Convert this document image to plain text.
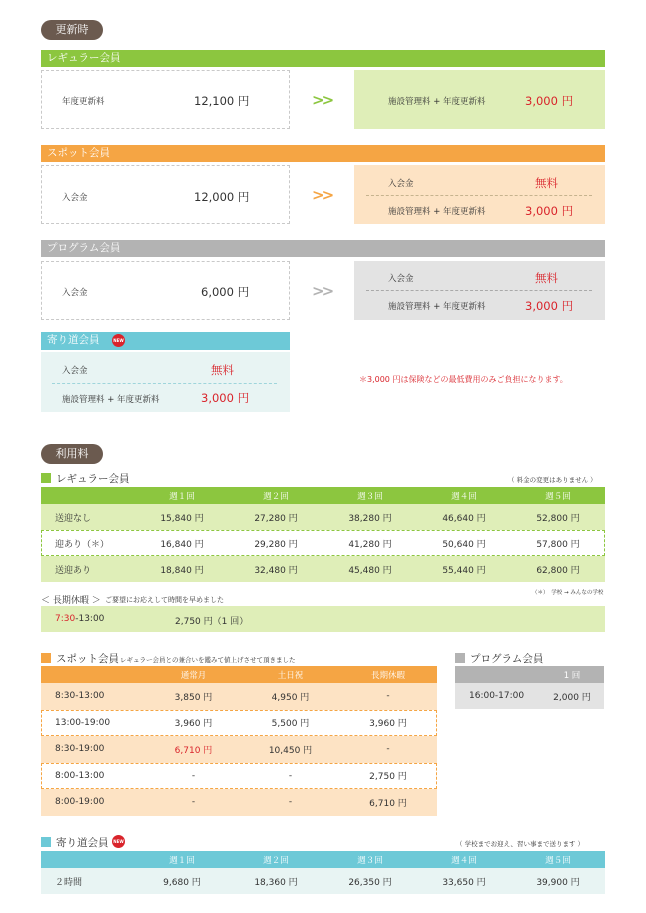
更新時
レギュラー会員
年度更新料	12,100 円	>>	施設管理料 + 年度更新料	3,000 円
スポット会員
入会金	12,000 円	>>
入会金	無料
施設管理料 + 年度更新料	3,000 円
プログラム会員
入会金	6,000 円	>>
入会金	無料
施設管理料 + 年度更新料	3,000 円
寄り道会員	NEW
入会金	無料
施設管理料 + 年度更新料	3,000 円
＊3,000 円は保険などの最低費用のみご負担になります。
利用料
レギュラー会員	（ 料金の変更はありません ）
	週１回	週２回	週３回	週４回	週５回
送迎なし	15,840 円	27,280 円	38,280 円	46,640 円	52,800 円
迎あり（＊）	16,840 円	29,280 円	41,280 円	50,640 円	57,800 円
送迎あり	18,840 円	32,480 円	45,480 円	55,440 円	62,800 円
（＊）　学校 → みんなの学校
＜ 長期休暇 ＞ ご要望にお応えして時間を早めました
7:30-13:00	2,750 円（1 回）
スポット会員 レギュラー会員との兼合いを鑑みて値上げさせて頂きました
	通常月	土日祝	長期休暇
8:30-13:00	3,850 円	4,950 円	-
13:00-19:00	3,960 円	5,500 円	3,960 円
8:30-19:00	6,710 円	10,450 円	-
8:00-13:00	-	-	2,750 円
8:00-19:00	-	-	6,710 円
プログラム会員
	1 回
16:00-17:00	2,000 円
寄り道会員	NEW	（ 学校までお迎え、習い事まで送ります ）
	週１回	週２回	週３回	週４回	週５回
２時間	9,680 円	18,360 円	26,350 円	33,650 円	39,900 円
